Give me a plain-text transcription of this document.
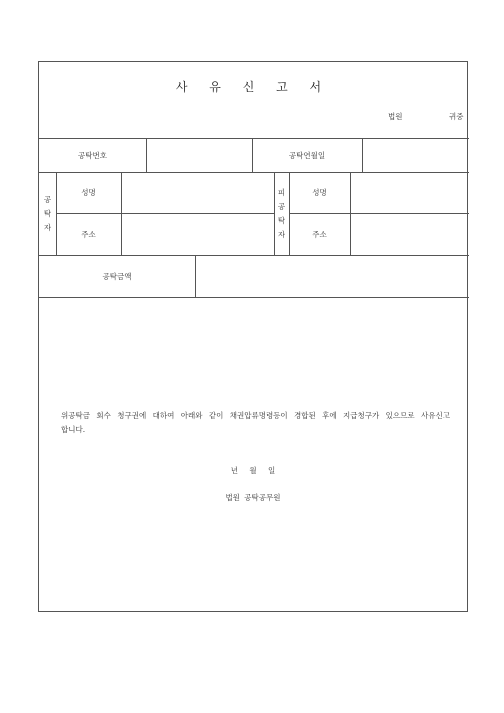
사 유 신 고 서
법원	귀중
공탁번호	공탁연월일
공
탁
자
성명
주소
피
공
탁
자
성명
주소
공탁금액
위공탁금 회수 청구권에 대하여 아래와 같이 채권압류명령등이 경합된 후에 지급청구가 있으므로 사유신고합니다.
년 월 일
법원 공탁공무원
